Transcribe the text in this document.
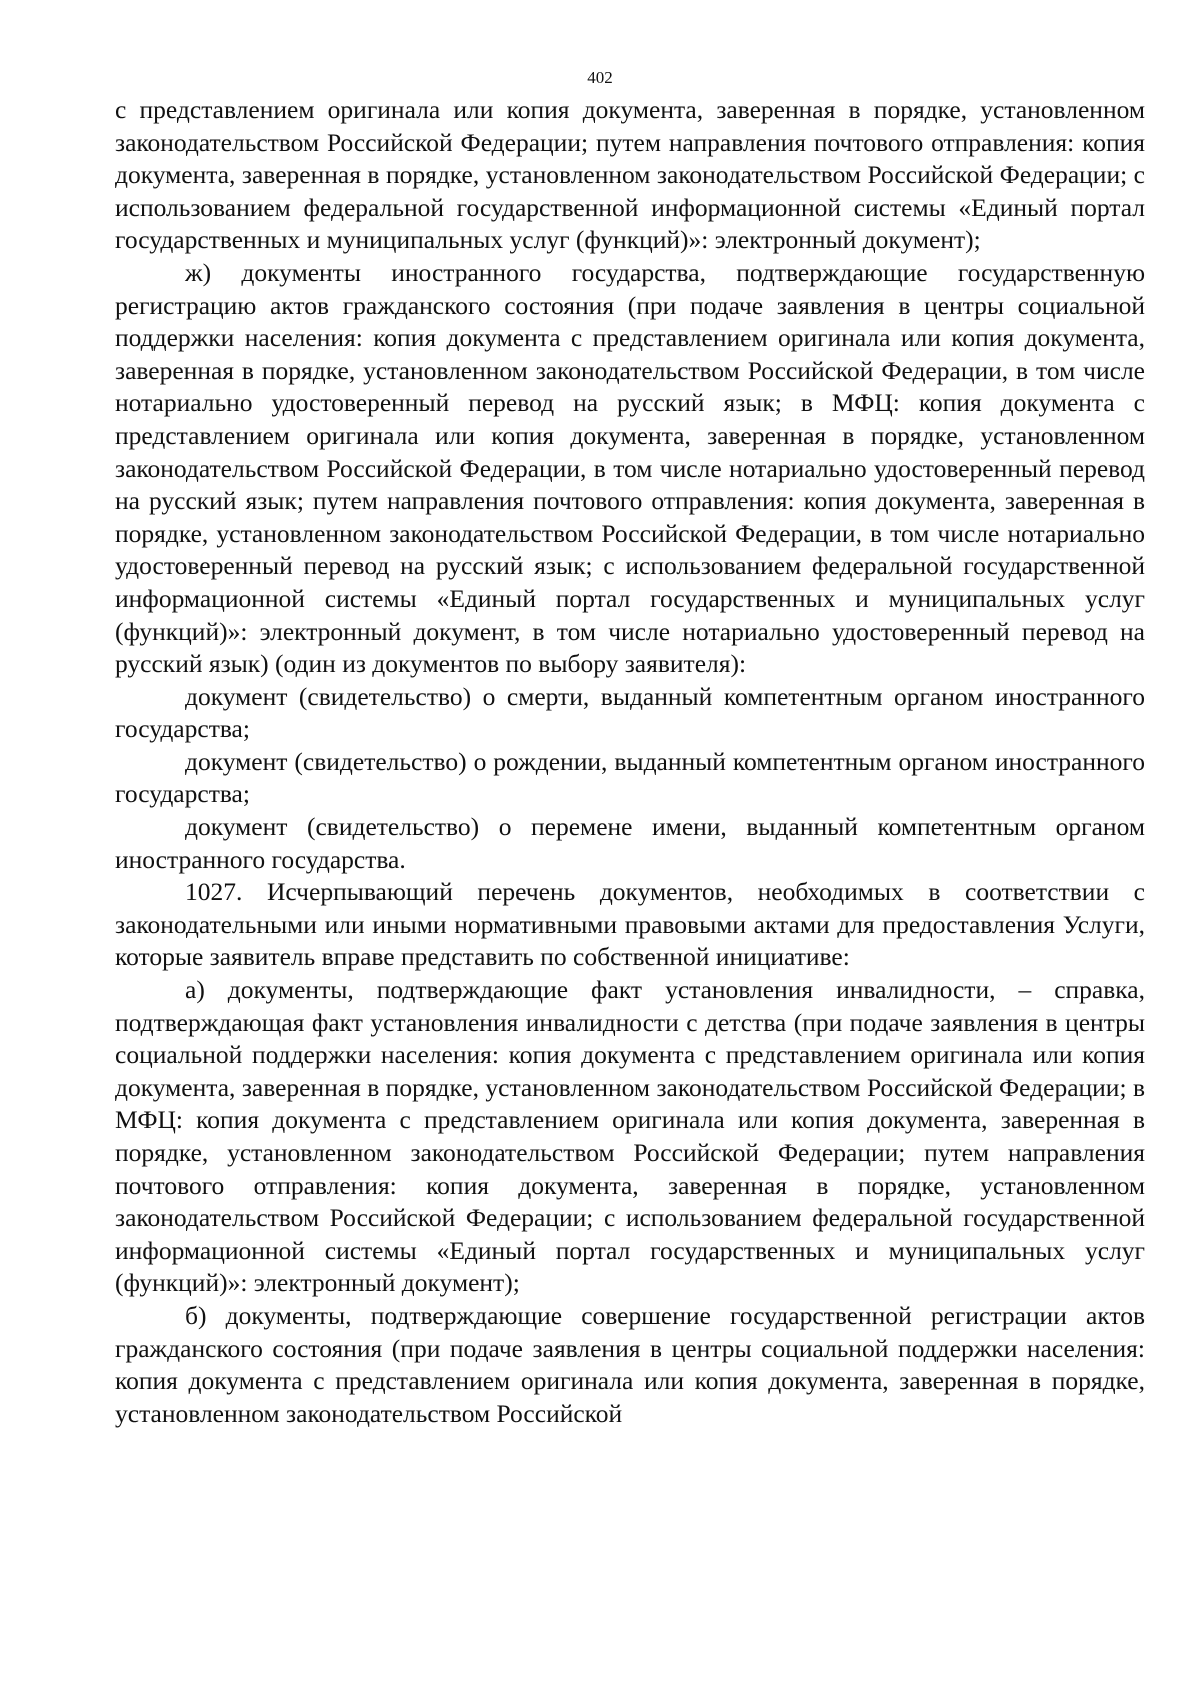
402

с представлением оригинала или копия документа, заверенная в порядке, установленном законодательством Российской Федерации; путем направления почтового отправления: копия документа, заверенная в порядке, установленном законодательством Российской Федерации; с использованием федеральной государственной информационной системы «Единый портал государственных и муниципальных услуг (функций)»: электронный документ);

ж) документы иностранного государства, подтверждающие государственную регистрацию актов гражданского состояния (при подаче заявления в центры социальной поддержки населения: копия документа с представлением оригинала или копия документа, заверенная в порядке, установленном законодательством Российской Федерации, в том числе нотариально удостоверенный перевод на русский язык; в МФЦ: копия документа с представлением оригинала или копия документа, заверенная в порядке, установленном законодательством Российской Федерации, в том числе нотариально удостоверенный перевод на русский язык; путем направления почтового отправления: копия документа, заверенная в порядке, установленном законодательством Российской Федерации, в том числе нотариально удостоверенный перевод на русский язык; с использованием федеральной государственной информационной системы «Единый портал государственных и муниципальных услуг (функций)»: электронный документ, в том числе нотариально удостоверенный перевод на русский язык) (один из документов по выбору заявителя):

документ (свидетельство) о смерти, выданный компетентным органом иностранного государства;

документ (свидетельство) о рождении, выданный компетентным органом иностранного государства;

документ (свидетельство) о перемене имени, выданный компетентным органом иностранного государства.

1027. Исчерпывающий перечень документов, необходимых в соответствии с законодательными или иными нормативными правовыми актами для предоставления Услуги, которые заявитель вправе представить по собственной инициативе:

а) документы, подтверждающие факт установления инвалидности, – справка, подтверждающая факт установления инвалидности с детства (при подаче заявления в центры социальной поддержки населения: копия документа с представлением оригинала или копия документа, заверенная в порядке, установленном законодательством Российской Федерации; в МФЦ: копия документа с представлением оригинала или копия документа, заверенная в порядке, установленном законодательством Российской Федерации; путем направления почтового отправления: копия документа, заверенная в порядке, установленном законодательством Российской Федерации; с использованием федеральной государственной информационной системы «Единый портал государственных и муниципальных услуг (функций)»: электронный документ);

б) документы, подтверждающие совершение государственной регистрации актов гражданского состояния (при подаче заявления в центры социальной поддержки населения: копия документа с представлением оригинала или копия документа, заверенная в порядке, установленном законодательством Российской
